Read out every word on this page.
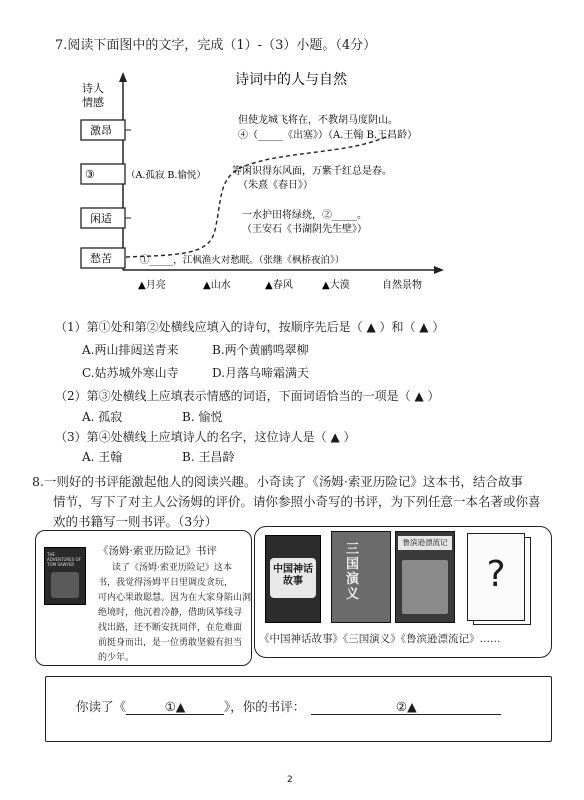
7.阅读下面图中的文字，完成（1）-（3）小题。（4分）
诗人
情感
诗词中的人与自然
激昂
③	（A.孤寂 B.愉悦）
闲适
愁苦
但使龙城飞将在，不教胡马度阴山。
④（_____《出塞》）（A.王翰 B.王昌龄）
等闲识得东风面，万紫千红总是春。
（朱熹《春日》）
一水护田将绿绕，②_____。
（王安石《书湖阴先生壁》）
①_____，江枫渔火对愁眠。（张继《枫桥夜泊》）
▲月亮	▲山水	▲春风	▲大漠	自然景物
（1）第①处和第②处横线应填入的诗句，按顺序先后是（ ▲ ）和（ ▲ ）
A.两山排闼送青来	B.两个黄鹂鸣翠柳
C.姑苏城外寒山寺	D.月落乌啼霜满天
（2）第③处横线上应填表示情感的词语，下面词语恰当的一项是（ ▲ ）
A. 孤寂	B. 愉悦
（3）第④处横线上应填诗人的名字，这位诗人是（ ▲ ）
A. 王翰	B. 王昌龄
8.一则好的书评能激起他人的阅读兴趣。小奇读了《汤姆·索亚历险记》这本书，结合故事
情节，写下了对主人公汤姆的评价。请你参照小奇写的书评，为下列任意一本名著或你喜
欢的书籍写一则书评。（3分）
THE ADVENTURES OF TOM SAWYER
《汤姆·索亚历险记》书评
读了《汤姆·索亚历险记》这本
书，我觉得汤姆平日里调皮贪玩，
可内心果敢聪慧。因为在大家身陷山洞
绝境时，他沉着冷静，借助风筝线寻
找出路，还不断安抚同伴，在危难面
前挺身而出，是一位勇敢坚毅有担当
的少年。
中国神话故事
三国演义
鲁滨逊漂流记
?
《中国神话故事》《三国演义》《鲁滨逊漂流记》……
你读了《	①▲	》，你的书评：	②▲
2
